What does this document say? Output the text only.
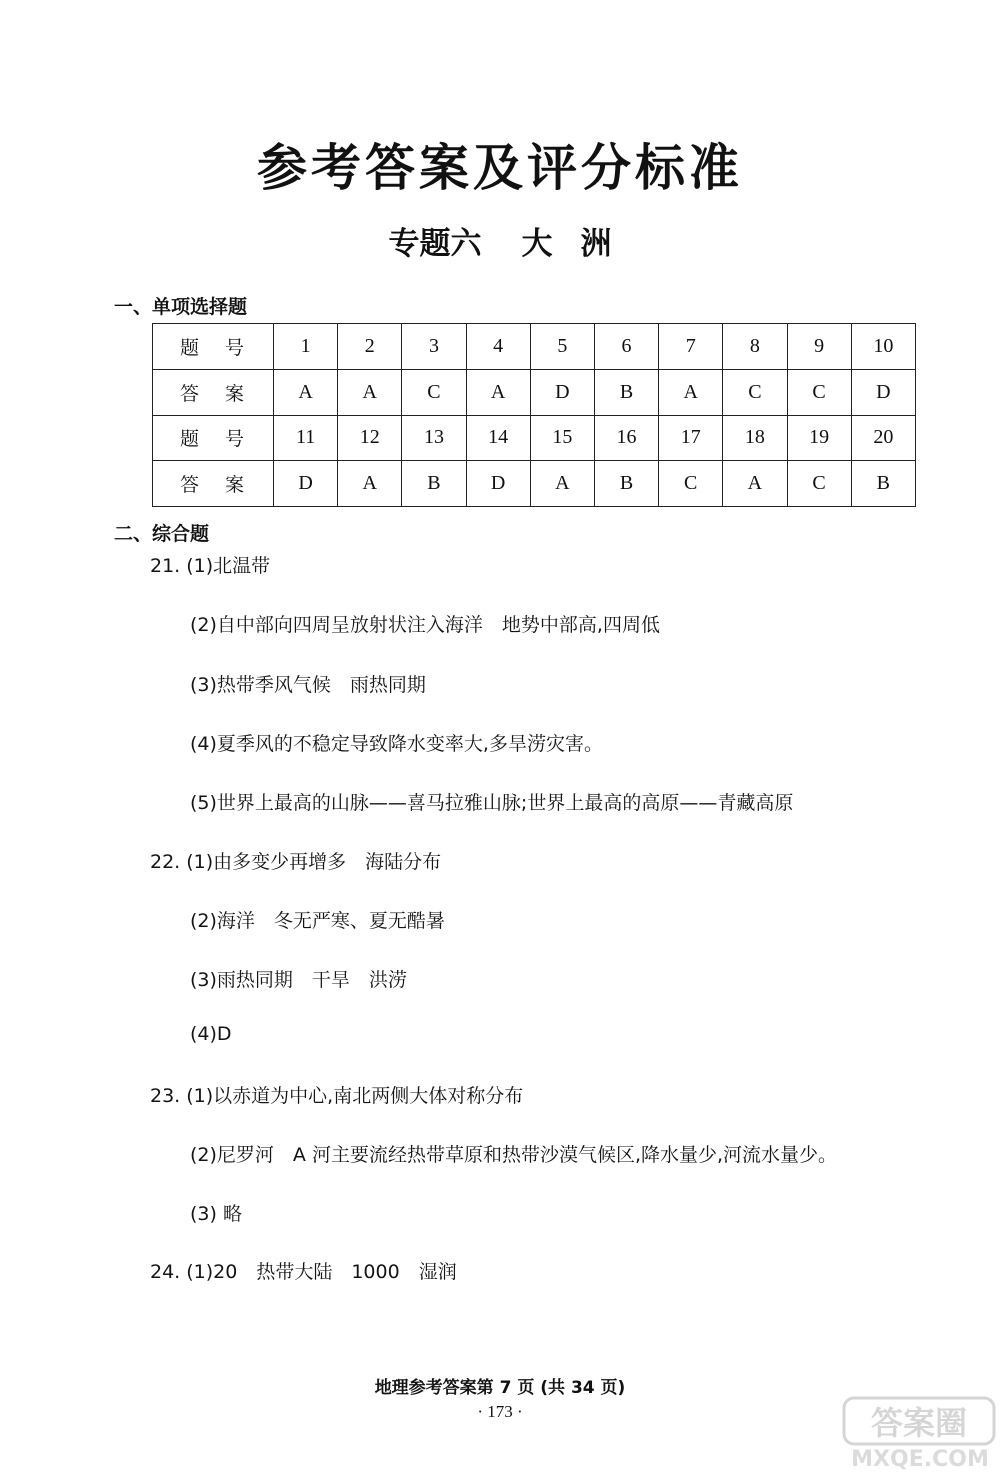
参考答案及评分标准
专题六 大 洲
一、单项选择题
题 号	1	2	3	4	5	6	7	8	9	10
答 案	A	A	C	A	D	B	A	C	C	D
题 号	11	12	13	14	15	16	17	18	19	20
答 案	D	A	B	D	A	B	C	A	C	B
二、综合题
21. (1)北温带
(2)自中部向四周呈放射状注入海洋　地势中部高,四周低
(3)热带季风气候　雨热同期
(4)夏季风的不稳定导致降水变率大,多旱涝灾害。
(5)世界上最高的山脉——喜马拉雅山脉;世界上最高的高原——青藏高原
22. (1)由多变少再增多　海陆分布
(2)海洋　冬无严寒、夏无酷暑
(3)雨热同期　干旱　洪涝
(4)D
23. (1)以赤道为中心,南北两侧大体对称分布
(2)尼罗河　A 河主要流经热带草原和热带沙漠气候区,降水量少,河流水量少。
(3) 略
24. (1)20　热带大陆　1000　湿润
地理参考答案第 7 页 (共 34 页)
· 173 ·	答案圈
MXQE.COM
